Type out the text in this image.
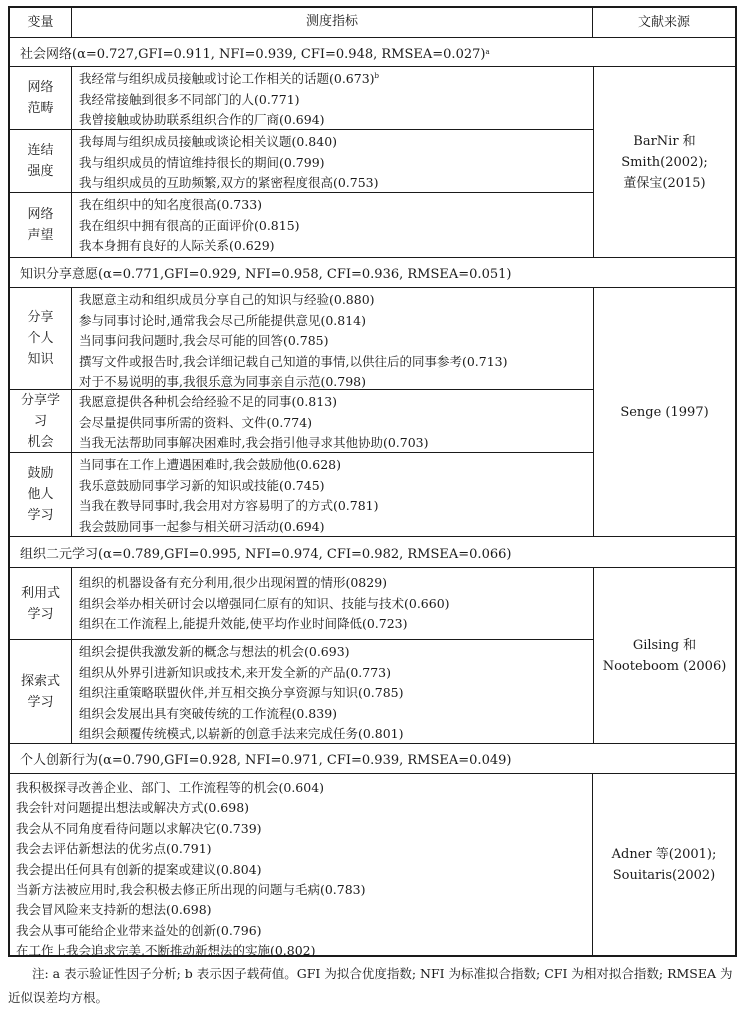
变量	测度指标	文献来源
社会网络(α=0.727,GFI=0.911, NFI=0.939, CFI=0.948, RMSEA=0.027) a
网络
范畴
我经常与组织成员接触或讨论工作相关的话题$(0.673)^b$
我经常接触到很多不同部门的人(0.771)
我曾接触或协助联系组织合作的厂商(0.694)
连结
强度
我每周与组织成员接触或谈论相关议题(0.840)
我与组织成员的情谊维持很长的期间(0.799)
我与组织成员的互助频繁,双方的紧密程度很高(0.753)
网络
声望
我在组织中的知名度很高(0.733)
我在组织中拥有很高的正面评价(0.815)
我本身拥有良好的人际关系(0.629)
BarNir 和
Smith(2002);
董保宝(2015)
知识分享意愿(α=0.771,GFI=0.929, NFI=0.958, CFI=0.936, RMSEA=0.051)
分享
个人
知识
我愿意主动和组织成员分享自己的知识与经验(0.880)
参与同事讨论时,通常我会尽己所能提供意见(0.814)
当同事问我问题时,我会尽可能的回答(0.785)
撰写文件或报告时,我会详细记载自己知道的事情,以供往后的同事参考(0.713)
对于不易说明的事,我很乐意为同事亲自示范(0.798)
分享学
习
机会
我愿意提供各种机会给经验不足的同事(0.813)
会尽量提供同事所需的资料、文件(0.774)
当我无法帮助同事解决困难时,我会指引他寻求其他协助(0.703)
鼓励
他人
学习
当同事在工作上遭遇困难时,我会鼓励他(0.628)
我乐意鼓励同事学习新的知识或技能(0.745)
当我在教导同事时,我会用对方容易明了的方式(0.781)
我会鼓励同事一起参与相关研习活动(0.694)
Senge (1997)
组织二元学习(α=0.789,GFI=0.995, NFI=0.974, CFI=0.982, RMSEA=0.066)
利用式
学习
组织的机器设备有充分利用,很少出现闲置的情形(0829)
组织会举办相关研讨会以增强同仁原有的知识、技能与技术(0.660)
组织在工作流程上,能提升效能,使平均作业时间降低(0.723)
探索式
学习
组织会提供我激发新的概念与想法的机会(0.693)
组织从外界引进新知识或技术,来开发全新的产品(0.773)
组织注重策略联盟伙伴,并互相交换分享资源与知识(0.785)
组织会发展出具有突破传统的工作流程(0.839)
组织会颠覆传统模式,以崭新的创意手法来完成任务(0.801)
Gilsing 和
Nooteboom (2006)
个人创新行为(α=0.790,GFI=0.928, NFI=0.971, CFI=0.939, RMSEA=0.049)
我积极探寻改善企业、部门、工作流程等的机会(0.604)
我会针对问题提出想法或解决方式(0.698)
我会从不同角度看待问题以求解决它(0.739)
我会去评估新想法的优劣点(0.791)
我会提出任何具有创新的提案或建议(0.804)
当新方法被应用时,我会积极去修正所出现的问题与毛病(0.783)
我会冒风险来支持新的想法(0.698)
我会从事可能给企业带来益处的创新(0.796)
在工作上我会追求完美,不断推动新想法的实施(0.802)
Adner 等(2001);
Souitaris(2002)
注: a 表示验证性因子分析; b 表示因子载荷值。GFI 为拟合优度指数; NFI 为标准拟合指数; CFI 为相对拟合指数; RMSEA 为近似误差均方根。
